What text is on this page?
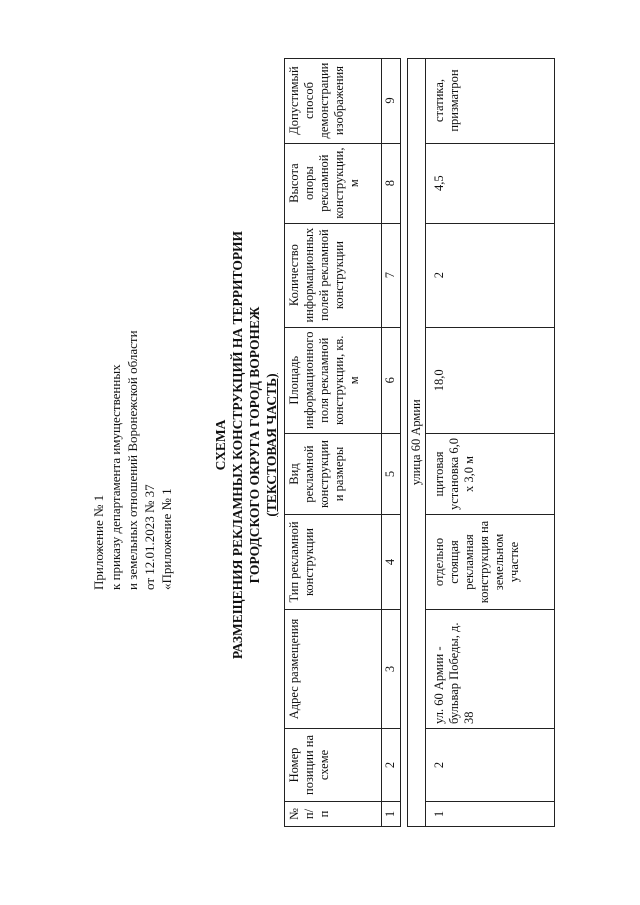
Приложение № 1 к приказу департамента имущественных и земельных отношений Воронежской области от 12.01.2023 № 37 «Приложение № 1
СХЕМА РАЗМЕЩЕНИЯ РЕКЛАМНЫХ КОНСТРУКЦИЙ НА ТЕРРИТОРИИ ГОРОДСКОГО ОКРУГА ГОРОД ВОРОНЕЖ (ТЕКСТОВАЯ ЧАСТЬ)
№ п/п	Номер позиции на схеме	Адрес размещения	Тип рекламной конструкции	Вид рекламной конструкции и размеры	Площадь информационного поля рекламной конструкции, кв. м	Количество информационных полей рекламной конструкции	Высота опоры рекламной конструкции, м	Допустимый способ демонстрации изображения
1	2	3	4	5	6	7	8	9

улица 60 Армии								
1	2	ул. 60 Армии - бульвар Победы, д. 38	отдельно стоящая рекламная конструкция на земельном участке	щитовая установка 6,0 х 3,0 м	18,0	2	4,5	статика, призматрон
